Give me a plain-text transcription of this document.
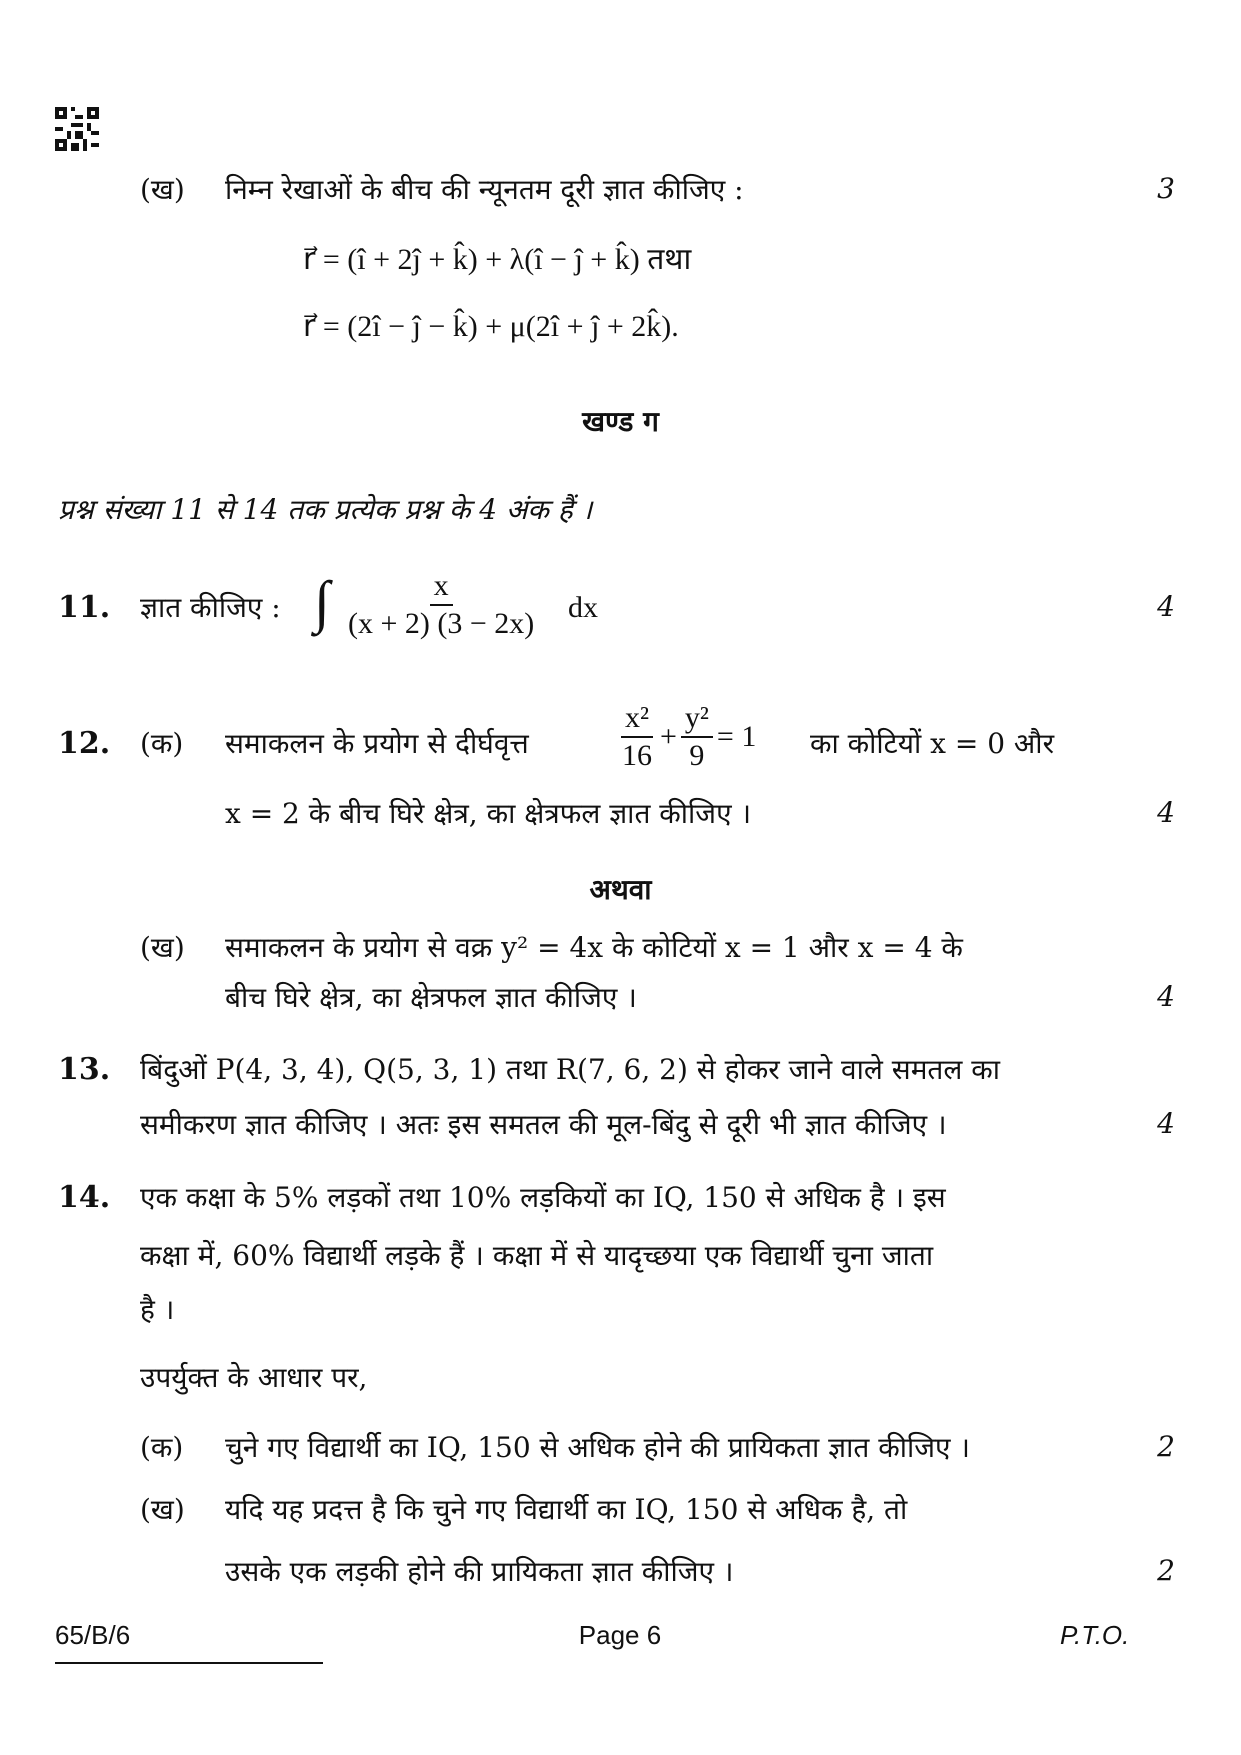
(ख) निम्न रेखाओं के बीच की न्यूनतम दूरी ज्ञात कीजिए :	3
r⃗ = (î + 2ĵ + k̂) + λ(î − ĵ + k̂) तथा
r⃗ = (2î − ĵ − k̂) + μ(2î + ĵ + 2k̂).
खण्ड ग
प्रश्न संख्या 11 से 14 तक प्रत्येक प्रश्न के 4 अंक हैं ।
11. ज्ञात कीजिए : ∫ $\frac{x}{(x + 2) (3 - 2x)}$ dx	4
12. (क) समाकलन के प्रयोग से दीर्घवृत्त	$\frac{\text{x²}}{16} + \frac{\text{y²}}{9} = 1$ का कोटियों x = 0 और
x = 2 के बीच घिरे क्षेत्र, का क्षेत्रफल ज्ञात कीजिए ।	4
अथवा
(ख) समाकलन के प्रयोग से वक्र y² = 4x के कोटियों x = 1 और x = 4 के
बीच घिरे क्षेत्र, का क्षेत्रफल ज्ञात कीजिए ।	4
13. बिंदुओं P(4, 3, 4), Q(5, 3, 1) तथा R(7, 6, 2) से होकर जाने वाले समतल का
समीकरण ज्ञात कीजिए । अतः इस समतल की मूल-बिंदु से दूरी भी ज्ञात कीजिए ।	4
14. एक कक्षा के 5% लड़कों तथा 10% लड़कियों का IQ, 150 से अधिक है । इस
कक्षा में, 60% विद्यार्थी लड़के हैं । कक्षा में से यादृच्छया एक विद्यार्थी चुना जाता
है ।
उपर्युक्त के आधार पर,
(क) चुने गए विद्यार्थी का IQ, 150 से अधिक होने की प्रायिकता ज्ञात कीजिए ।	2
(ख) यदि यह प्रदत्त है कि चुने गए विद्यार्थी का IQ, 150 से अधिक है, तो
उसके एक लड़की होने की प्रायिकता ज्ञात कीजिए ।	2
65/B/6	Page 6	P.T.O.
